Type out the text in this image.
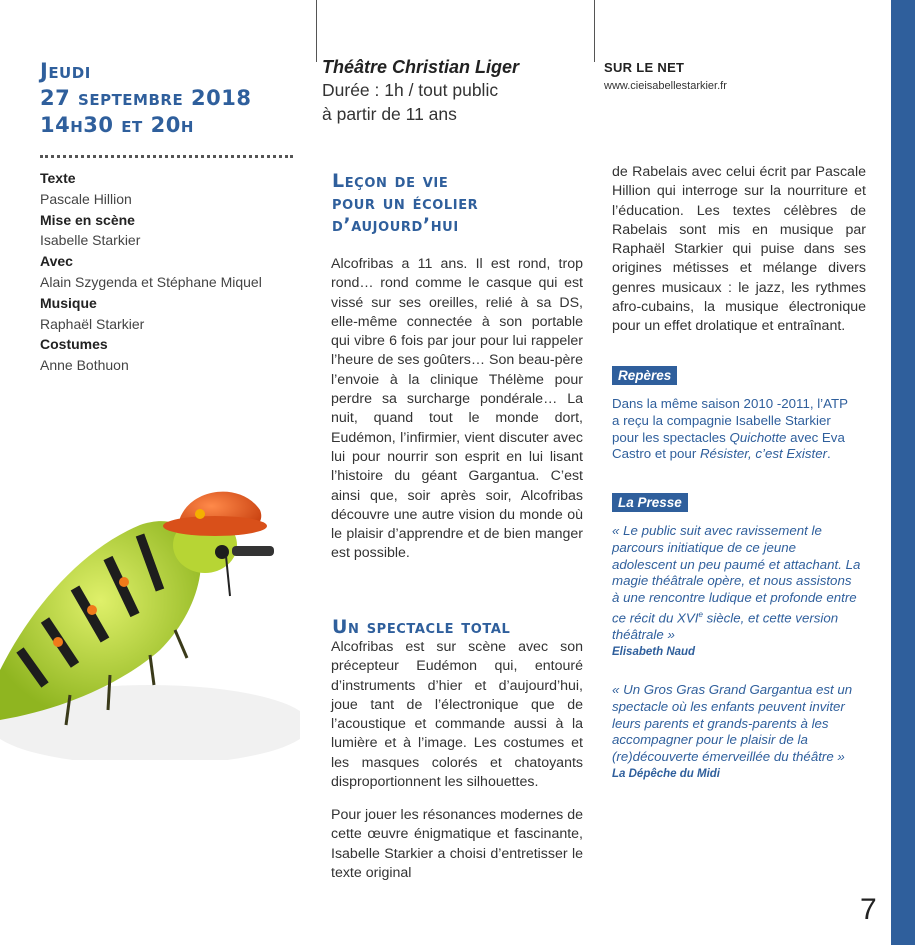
Jeudi
27 septembre 2018
14h30 et 20h
Texte
Pascale Hillion
Mise en scène
Isabelle Starkier
Avec
Alain Szygenda et Stéphane Miquel
Musique
Raphaël Starkier
Costumes
Anne Bothuon
Théâtre Christian Liger
Durée : 1h / tout public
à partir de 11 ans
Leçon de vie
pour un écolier
d’aujourd’hui
Alcofribas a 11 ans. Il est rond, trop rond… rond comme le casque qui est vissé sur ses oreilles, relié à sa DS, elle-même connectée à son portable qui vibre 6 fois par jour pour lui rappeler l’heure de ses goûters… Son beau-père l’envoie à la clinique Thélème pour perdre sa surcharge pondérale… La nuit, quand tout le monde dort, Eudémon, l’infirmier, vient discuter avec lui pour nourrir son esprit en lui lisant l’histoire du géant Gargantua. C’est ainsi que, soir après soir, Alcofribas découvre une autre vision du monde où le plaisir d’apprendre et de bien manger est possible.
Un spectacle total
Alcofribas est sur scène avec son précepteur Eudémon qui, entouré d’instruments d’hier et d’aujourd’hui, joue tant de l’électronique que de l’acoustique et commande aussi à la lumière et à l’image. Les costumes et les masques colorés et chatoyants disproportionnent les silhouettes.
Pour jouer les résonances modernes de cette œuvre énigmatique et fascinante, Isabelle Starkier a choisi d’entretisser le texte original
SUR LE NET
www.cieisabellestarkier.fr
de Rabelais avec celui écrit par Pascale Hillion qui interroge sur la nourriture et l’éducation. Les textes célèbres de Rabelais sont mis en musique par Raphaël Starkier qui puise dans ses origines métisses et mélange divers genres musicaux : le jazz, les rythmes afro-cubains, la musique électronique pour un effet drolatique et entraînant.
Repères
Dans la même saison 2010 -2011, l’ATP a reçu la compagnie Isabelle Starkier pour les spectacles Quichotte avec Eva Castro et pour Résister, c’est Exister.
La Presse
« Le public suit avec ravissement le parcours initiatique de ce jeune adolescent un peu paumé et attachant. La magie théâtrale opère, et nous assistons à une rencontre ludique et profonde entre ce récit du XVIe siècle, et cette version théâtrale »
Elisabeth Naud
« Un Gros Gras Grand Gargantua est un spectacle où les enfants peuvent inviter leurs parents et grands-parents à les accompagner pour le plaisir de la (re)découverte émerveillée du théâtre »
La Dépêche du Midi
7
